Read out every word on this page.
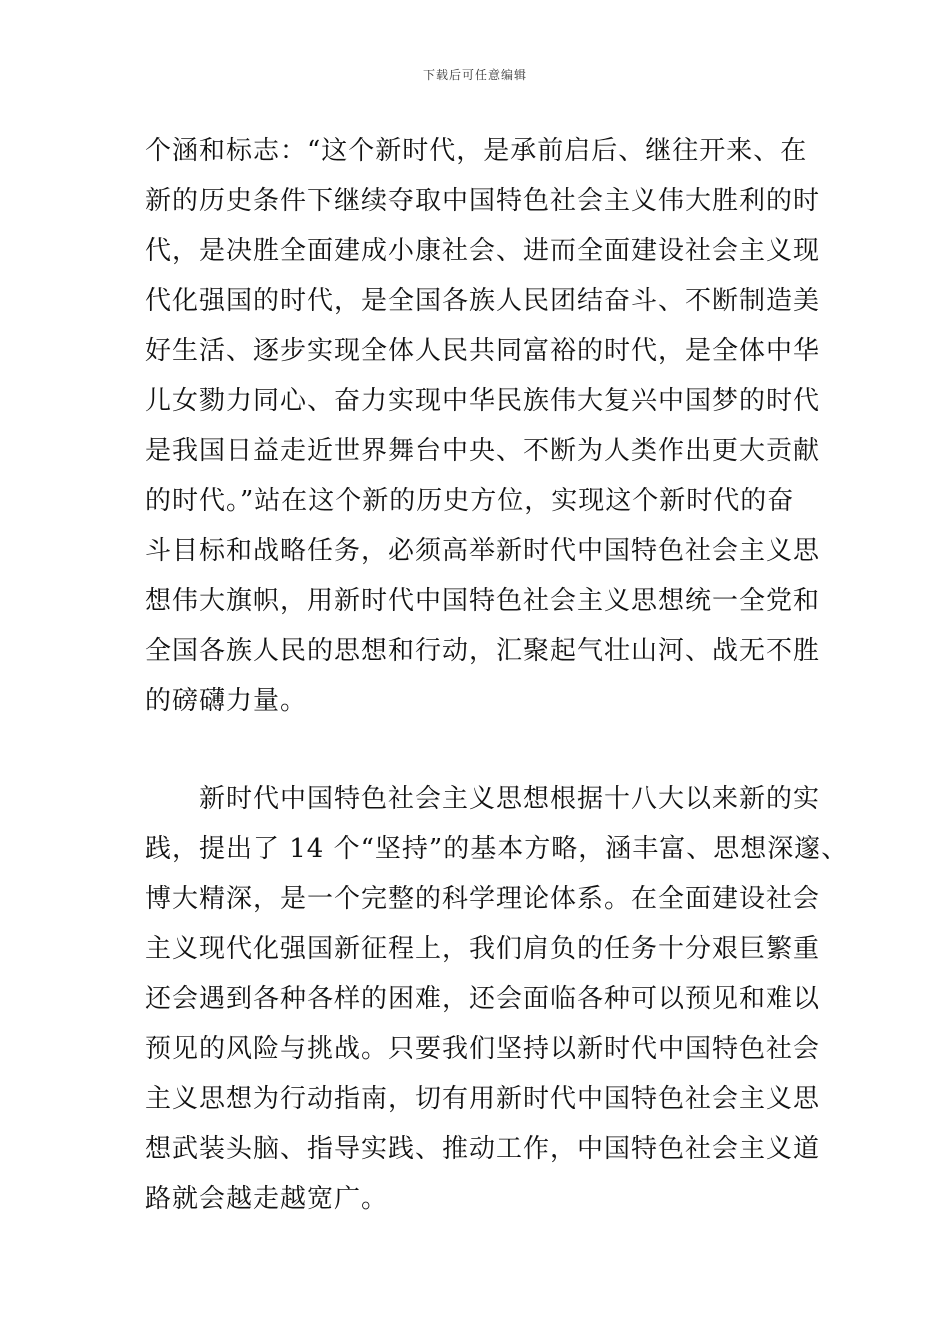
下载后可任意编辑
个涵和标志：“这个新时代，是承前启后、继往开来、在
新的历史条件下继续夺取中国特色社会主义伟大胜利的时
代，是决胜全面建成小康社会、进而全面建设社会主义现
代化强国的时代，是全国各族人民团结奋斗、不断制造美
好生活、逐步实现全体人民共同富裕的时代，是全体中华
儿女勠力同心、奋力实现中华民族伟大复兴中国梦的时代
是我国日益走近世界舞台中央、不断为人类作出更大贡献
的时代。”站在这个新的历史方位，实现这个新时代的奋
斗目标和战略任务，必须高举新时代中国特色社会主义思
想伟大旗帜，用新时代中国特色社会主义思想统一全党和
全国各族人民的思想和行动，汇聚起气壮山河、战无不胜
的磅礴力量。
　　新时代中国特色社会主义思想根据十八大以来新的实
践，提出了 14 个“坚持”的基本方略，涵丰富、思想深邃、
博大精深，是一个完整的科学理论体系。在全面建设社会
主义现代化强国新征程上，我们肩负的任务十分艰巨繁重
还会遇到各种各样的困难，还会面临各种可以预见和难以
预见的风险与挑战。只要我们坚持以新时代中国特色社会
主义思想为行动指南，切有用新时代中国特色社会主义思
想武装头脑、指导实践、推动工作，中国特色社会主义道
路就会越走越宽广。
